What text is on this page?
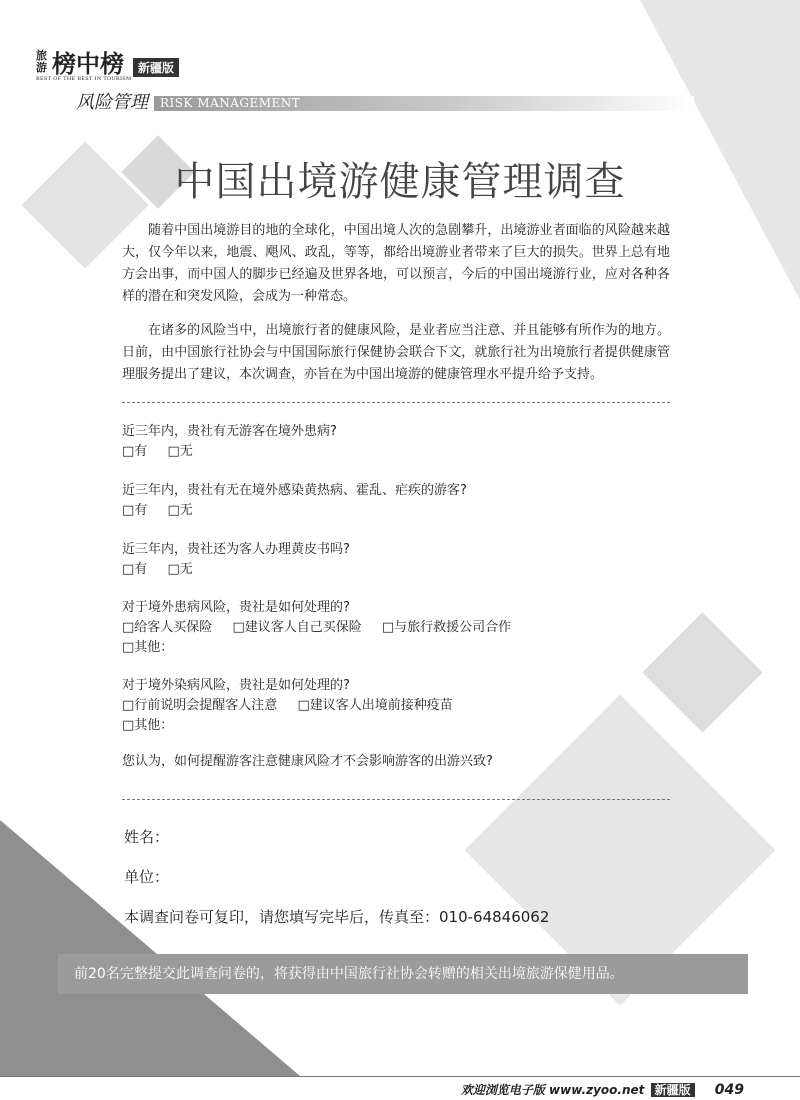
旅游 榜中榜	新疆版
BEST OF THE BEST IN TOURISM
风险管理 RISK MANAGEMENT
中国出境游健康管理调查
随着中国出境游目的地的全球化，中国出境人次的急剧攀升，出境游业者面临的风险越来越大，仅今年以来，地震、飓风、政乱，等等，都给出境游业者带来了巨大的损失。世界上总有地方会出事，而中国人的脚步已经遍及世界各地，可以预言，今后的中国出境游行业，应对各种各样的潜在和突发风险，会成为一种常态。
在诸多的风险当中，出境旅行者的健康风险，是业者应当注意、并且能够有所作为的地方。日前，由中国旅行社协会与中国国际旅行保健协会联合下文，就旅行社为出境旅行者提供健康管理服务提出了建议，本次调查，亦旨在为中国出境游的健康管理水平提升给予支持。
近三年内，贵社有无游客在境外患病?
□有 □无
近三年内，贵社有无在境外感染黄热病、霍乱、疟疾的游客?
□有 □无
近三年内，贵社还为客人办理黄皮书吗?
□有 □无
对于境外患病风险，贵社是如何处理的?
□给客人买保险 □建议客人自己买保险 □与旅行救援公司合作
□其他：
对于境外染病风险，贵社是如何处理的?
□行前说明会提醒客人注意 □建议客人出境前接种疫苗
□其他：
您认为，如何提醒游客注意健康风险才不会影响游客的出游兴致?
姓名：
单位：
本调查问卷可复印，请您填写完毕后，传真至：010-64846062
前20名完整提交此调查问卷的，将获得由中国旅行社协会转赠的相关出境旅游保健用品。
欢迎浏览电子版 www.zyoo.net 新疆版 049
